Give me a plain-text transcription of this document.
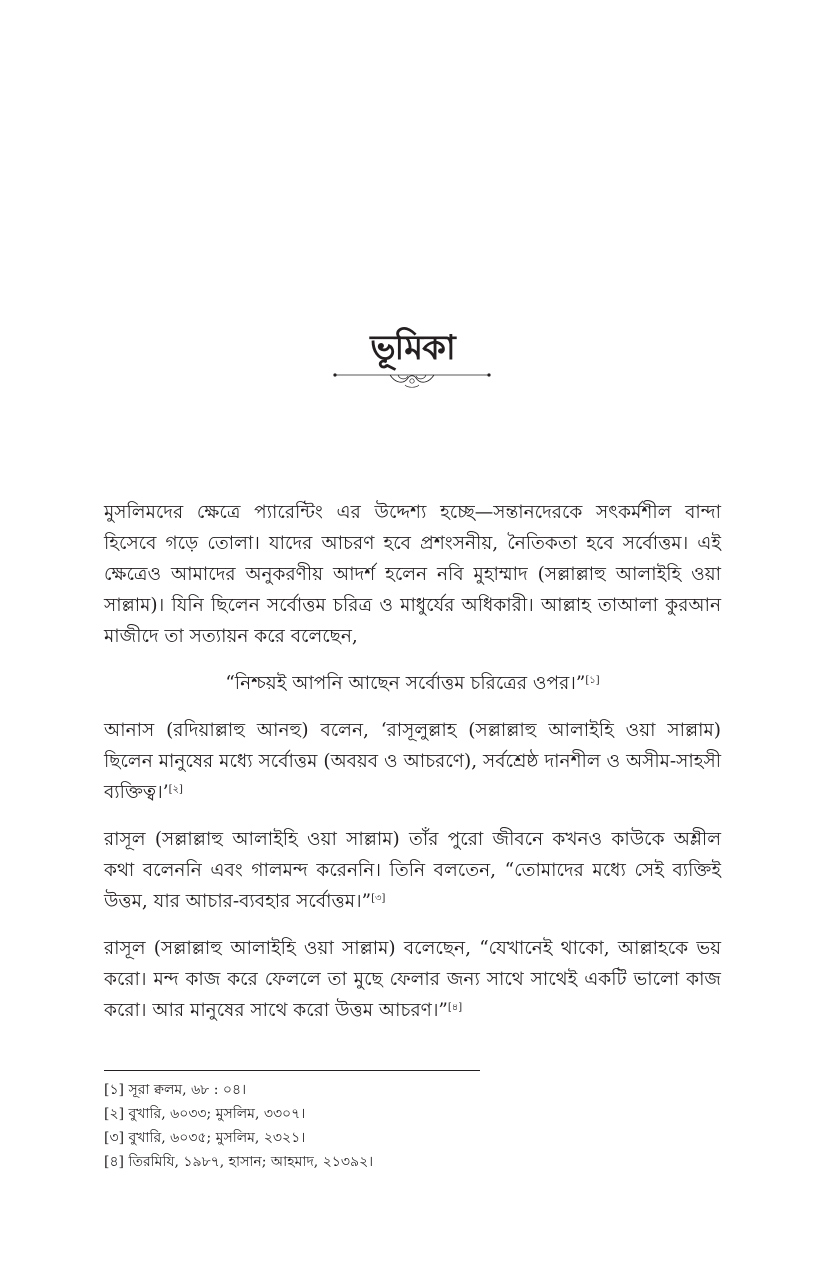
ভূমিকা

মুসলিমদের ক্ষেত্রে প্যারেন্টিং এর উদ্দেশ্য হচ্ছে—সন্তানদেরকে সৎকর্মশীল বান্দা হিসেবে গড়ে তোলা। যাদের আচরণ হবে প্রশংসনীয়, নৈতিকতা হবে সর্বোত্তম। এই ক্ষেত্রেও আমাদের অনুকরণীয় আদর্শ হলেন নবি মুহাম্মাদ (সল্লাল্লাহু আলাইহি ওয়া সাল্লাম)। যিনি ছিলেন সর্বোত্তম চরিত্র ও মাধুর্যের অধিকারী। আল্লাহ তাআলা কুরআন মাজীদে তা সত্যায়ন করে বলেছেন,

“নিশ্চয়ই আপনি আছেন সর্বোত্তম চরিত্রের ওপর।”[১]

আনাস (রদিয়াল্লাহু আনহু) বলেন, ‘রাসূলুল্লাহ (সল্লাল্লাহু আলাইহি ওয়া সাল্লাম) ছিলেন মানুষের মধ্যে সর্বোত্তম (অবয়ব ও আচরণে), সর্বশ্রেষ্ঠ দানশীল ও অসীম-সাহসী ব্যক্তিত্ব।’[২]

রাসূল (সল্লাল্লাহু আলাইহি ওয়া সাল্লাম) তাঁর পুরো জীবনে কখনও কাউকে অশ্লীল কথা বলেননি এবং গালমন্দ করেননি। তিনি বলতেন, “তোমাদের মধ্যে সেই ব্যক্তিই উত্তম, যার আচার-ব্যবহার সর্বোত্তম।”[৩]

রাসূল (সল্লাল্লাহু আলাইহি ওয়া সাল্লাম) বলেছেন, “যেখানেই থাকো, আল্লাহকে ভয় করো। মন্দ কাজ করে ফেললে তা মুছে ফেলার জন্য সাথে সাথেই একটি ভালো কাজ করো। আর মানুষের সাথে করো উত্তম আচরণ।”[৪]

[১] সূরা ক্বলম, ৬৮ : ০৪।

[২] বুখারি, ৬০৩৩; মুসলিম, ৩৩০৭।

[৩] বুখারি, ৬০৩৫; মুসলিম, ২৩২১।

[৪] তিরমিযি, ১৯৮৭, হাসান; আহমাদ, ২১৩৯২।
